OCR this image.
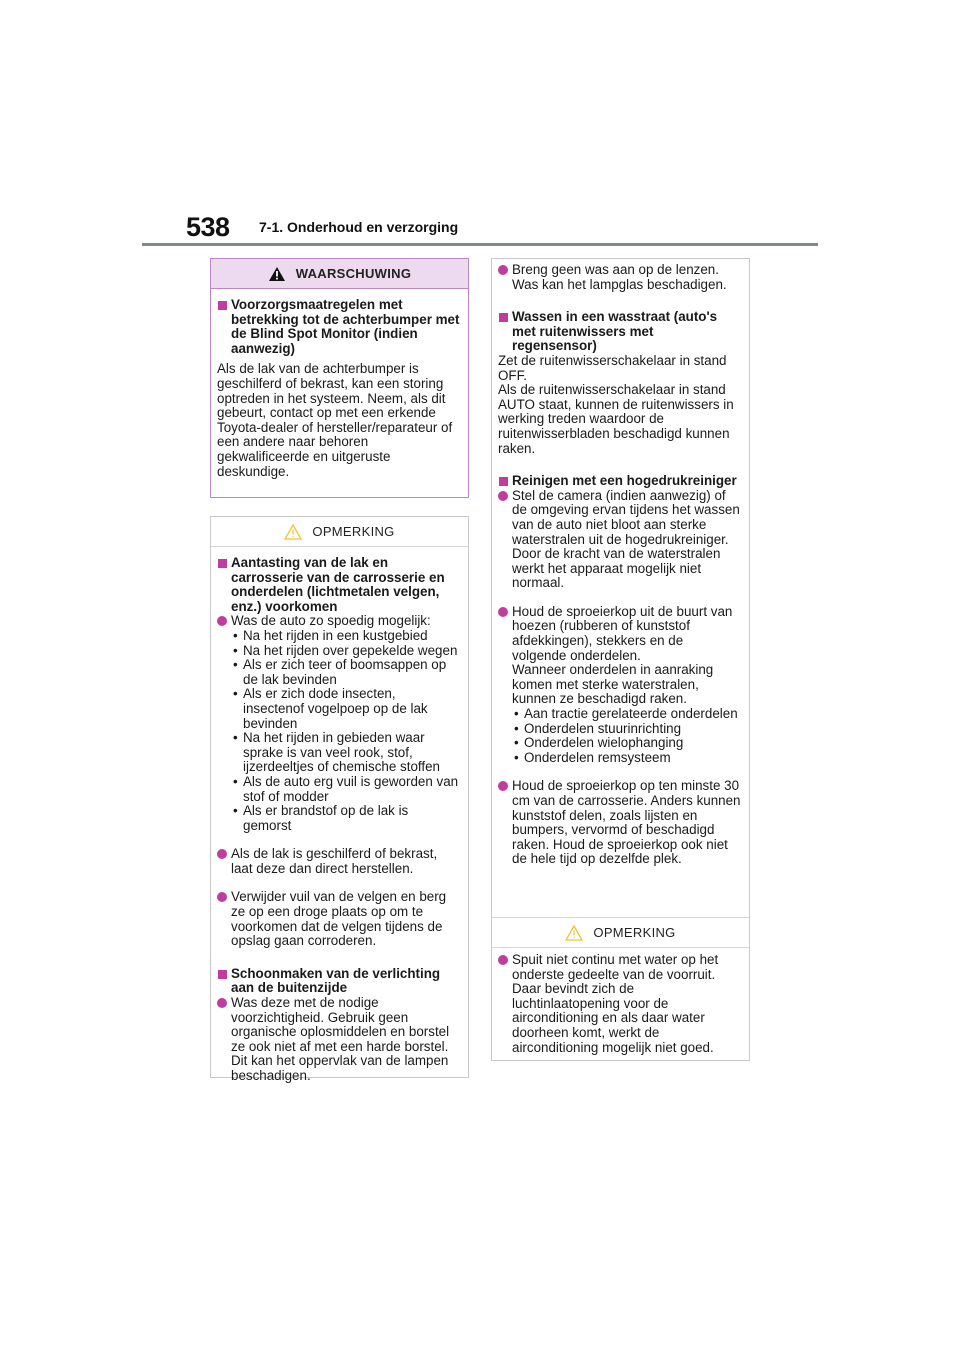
538 7-1. Onderhoud en verzorging
WAARSCHUWING
Voorzorgsmaatregelen met betrekking tot de achterbumper met de Blind Spot Monitor (indien aanwezig)
Als de lak van de achterbumper is geschilferd of bekrast, kan een storing optreden in het systeem. Neem, als dit gebeurt, contact op met een erkende Toyota-dealer of hersteller/reparateur of een andere naar behoren gekwalificeerde en uitgeruste deskundige.
OPMERKING
Aantasting van de lak en carrosserie van de carrosserie en onderdelen (lichtmetalen velgen, enz.) voorkomen
Was de auto zo spoedig mogelijk:
• Na het rijden in een kustgebied
• Na het rijden over gepekelde wegen
• Als er zich teer of boomsappen op de lak bevinden
• Als er zich dode insecten, insectenof vogelpoep op de lak bevinden
• Na het rijden in gebieden waar sprake is van veel rook, stof, ijzerdeeltjes of chemische stoffen
• Als de auto erg vuil is geworden van stof of modder
• Als er brandstof op de lak is gemorst
Als de lak is geschilferd of bekrast, laat deze dan direct herstellen.
Verwijder vuil van de velgen en berg ze op een droge plaats op om te voorkomen dat de velgen tijdens de opslag gaan corroderen.
Schoonmaken van de verlichting aan de buitenzijde
Was deze met de nodige voorzichtigheid. Gebruik geen organische oplosmiddelen en borstel ze ook niet af met een harde borstel.
Dit kan het oppervlak van de lampen beschadigen.
Breng geen was aan op de lenzen. Was kan het lampglas beschadigen.
Wassen in een wasstraat (auto's met ruitenwissers met regensensor)
Zet de ruitenwisserschakelaar in stand OFF.
Als de ruitenwisserschakelaar in stand AUTO staat, kunnen de ruitenwissers in werking treden waardoor de ruitenwisserbladen beschadigd kunnen raken.
Reinigen met een hogedrukreiniger
Stel de camera (indien aanwezig) of de omgeving ervan tijdens het wassen van de auto niet bloot aan sterke waterstralen uit de hogedrukreiniger. Door de kracht van de waterstralen werkt het apparaat mogelijk niet normaal.
Houd de sproeierkop uit de buurt van hoezen (rubberen of kunststof afdekkingen), stekkers en de volgende onderdelen.
Wanneer onderdelen in aanraking komen met sterke waterstralen, kunnen ze beschadigd raken.
• Aan tractie gerelateerde onderdelen
• Onderdelen stuurinrichting
• Onderdelen wielophanging
• Onderdelen remsysteem
Houd de sproeierkop op ten minste 30 cm van de carrosserie. Anders kunnen kunststof delen, zoals lijsten en bumpers, vervormd of beschadigd raken. Houd de sproeierkop ook niet de hele tijd op dezelfde plek.
OPMERKING
Spuit niet continu met water op het onderste gedeelte van de voorruit. Daar bevindt zich de luchtinlaatopening voor de airconditioning en als daar water doorheen komt, werkt de airconditioning mogelijk niet goed.
